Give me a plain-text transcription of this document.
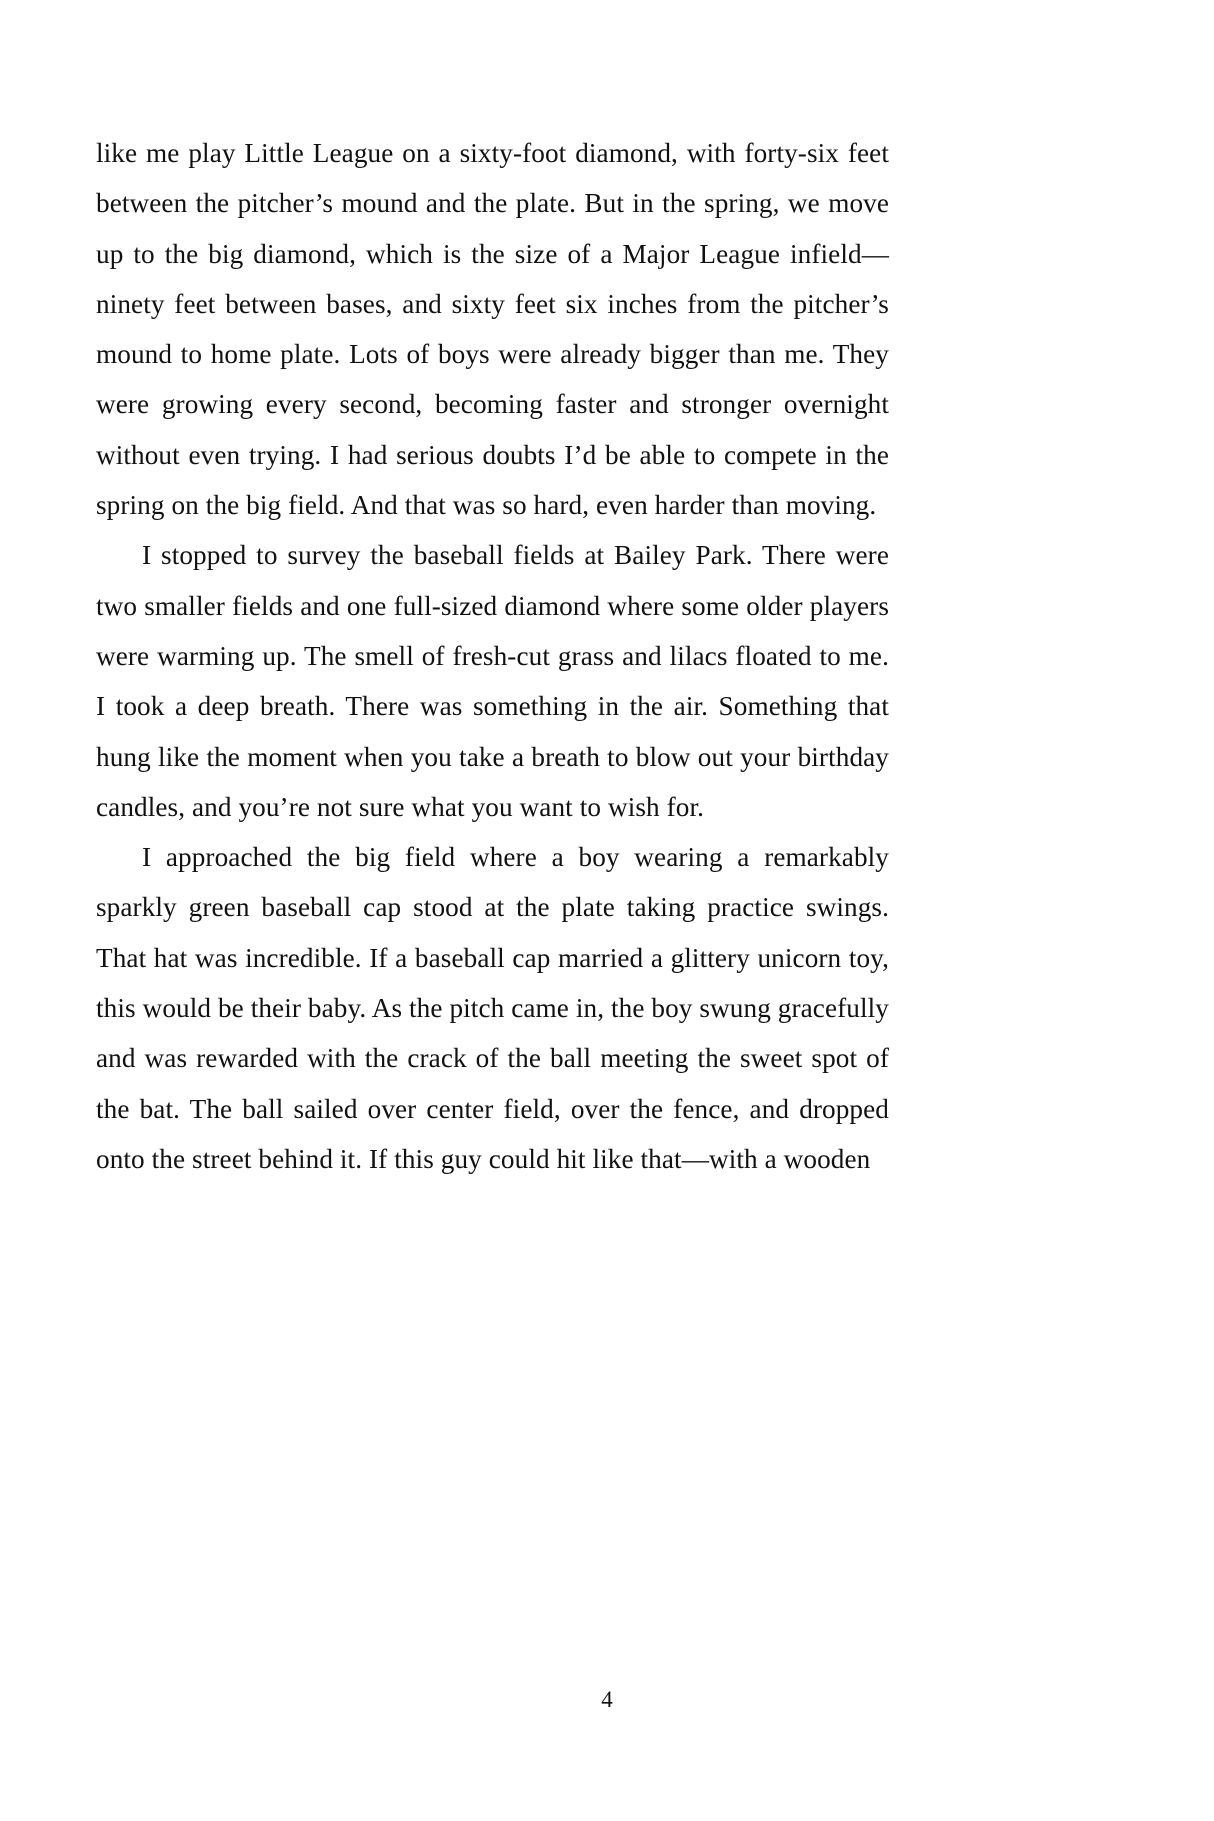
like me play Little League on a sixty-foot diamond, with forty-six feet between the pitcher’s mound and the plate. But in the spring, we move up to the big diamond, which is the size of a Major League infield—ninety feet between bases, and sixty feet six inches from the pitcher’s mound to home plate. Lots of boys were already bigger than me. They were growing every second, becoming faster and stronger overnight without even trying. I had serious doubts I’d be able to compete in the spring on the big field. And that was so hard, even harder than moving.

I stopped to survey the baseball fields at Bailey Park. There were two smaller fields and one full-sized diamond where some older players were warming up. The smell of fresh-cut grass and lilacs floated to me. I took a deep breath. There was something in the air. Something that hung like the moment when you take a breath to blow out your birthday candles, and you’re not sure what you want to wish for.

I approached the big field where a boy wearing a remarkably sparkly green baseball cap stood at the plate taking practice swings. That hat was incredible. If a baseball cap married a glittery unicorn toy, this would be their baby. As the pitch came in, the boy swung gracefully and was rewarded with the crack of the ball meeting the sweet spot of the bat. The ball sailed over center field, over the fence, and dropped onto the street behind it. If this guy could hit like that—with a wooden

4
